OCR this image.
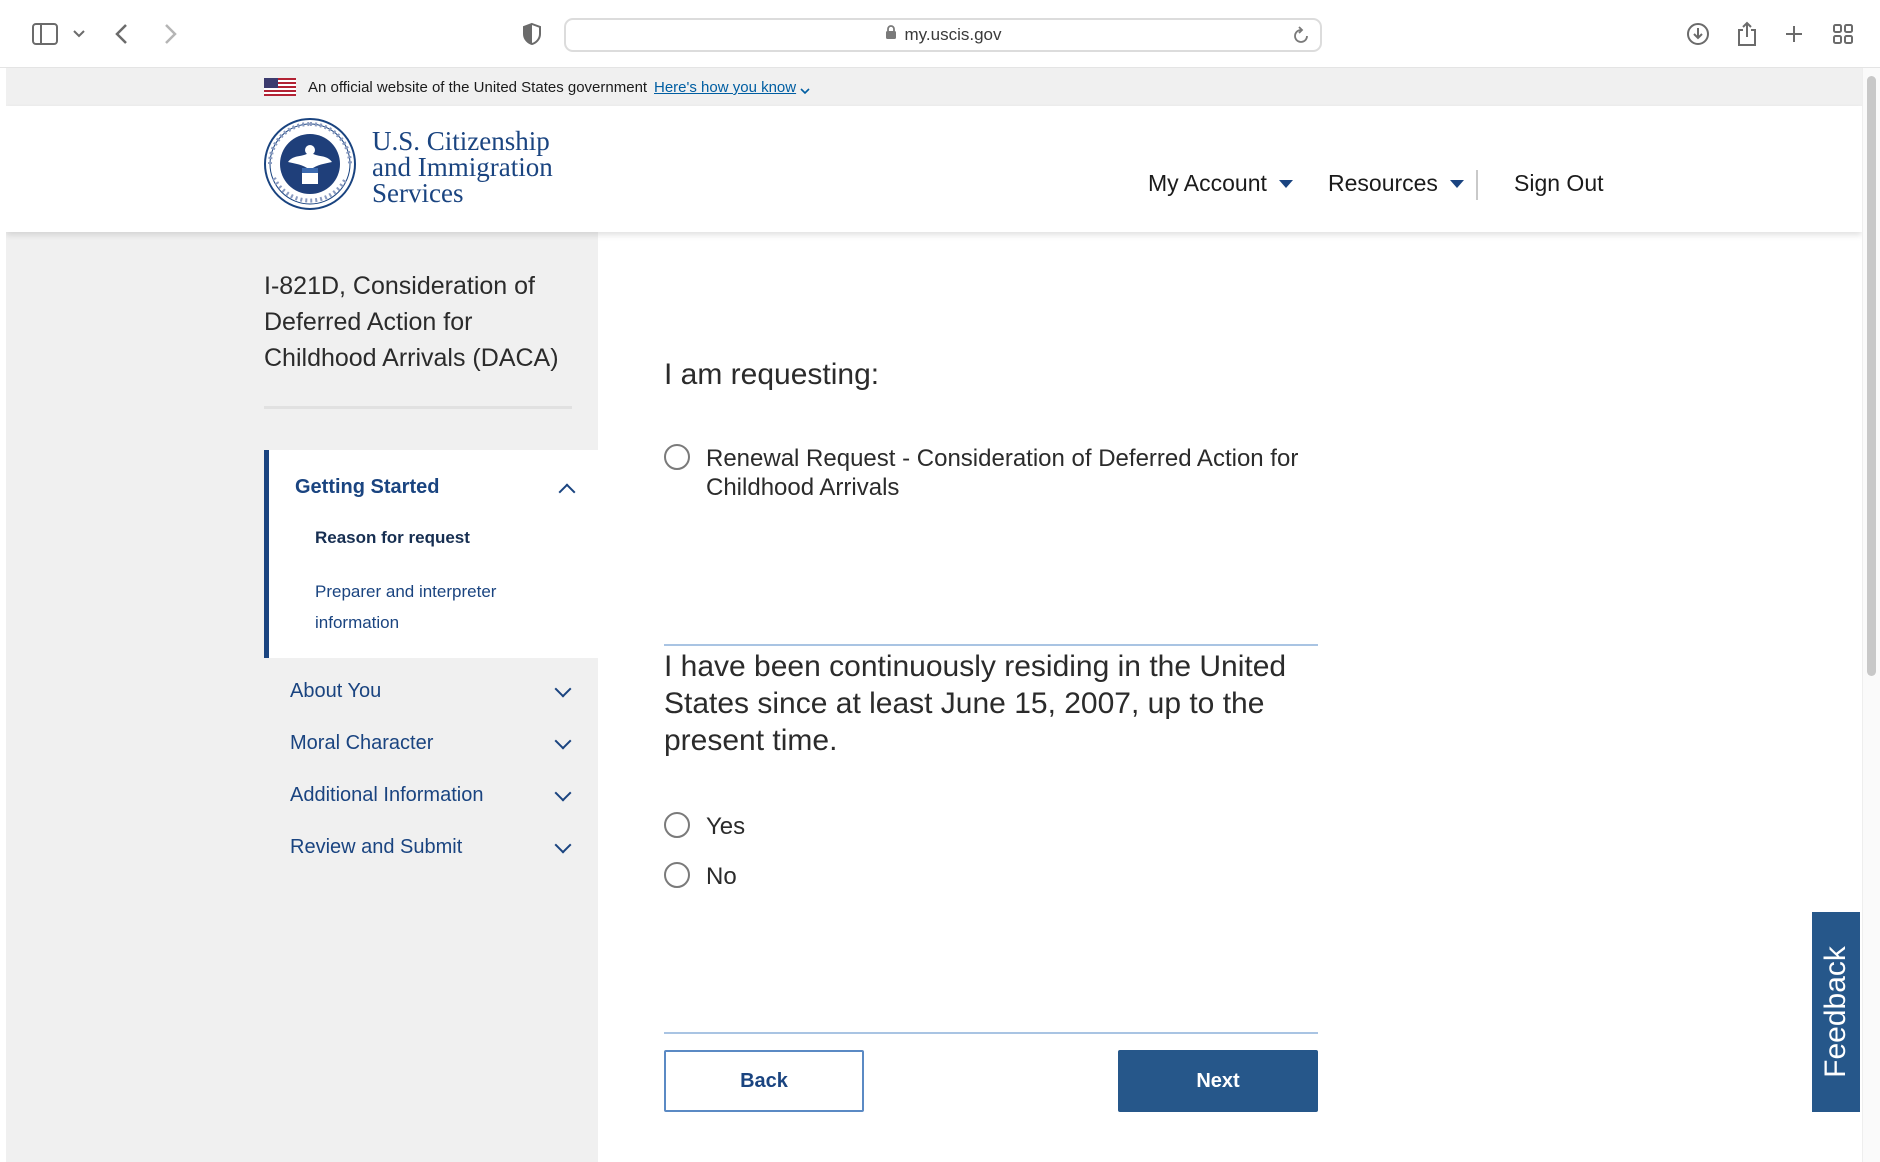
my.uscis.gov
An official website of the United States government Here's how you know
U.S. Citizenship
and Immigration
Services	My Account	Resources	Sign Out
I-821D, Consideration of Deferred Action for Childhood Arrivals (DACA)
Getting Started
Reason for request
Preparer and interpreter information
About You
Moral Character
Additional Information
Review and Submit
I am requesting:
Renewal Request - Consideration of Deferred Action for Childhood Arrivals
I have been continuously residing in the United States since at least June 15, 2007, up to the present time.
Yes
No
Back	Next
Feedback
